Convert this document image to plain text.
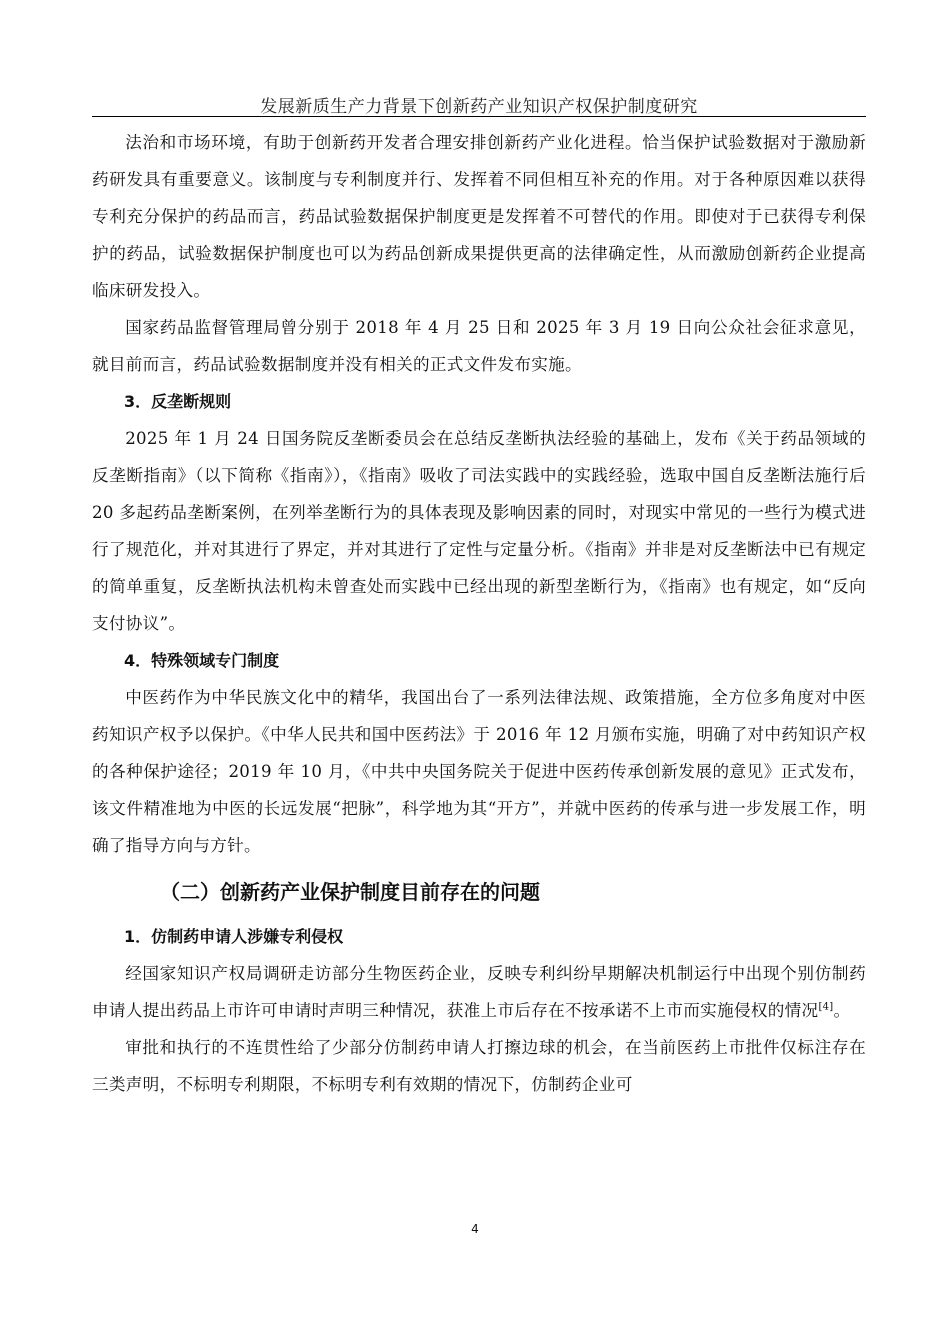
发展新质生产力背景下创新药产业知识产权保护制度研究

法治和市场环境，有助于创新药开发者合理安排创新药产业化进程。恰当保护试验数据对于激励新药研发具有重要意义。该制度与专利制度并行、发挥着不同但相互补充的作用。对于各种原因难以获得专利充分保护的药品而言，药品试验数据保护制度更是发挥着不可替代的作用。即使对于已获得专利保护的药品，试验数据保护制度也可以为药品创新成果提供更高的法律确定性，从而激励创新药企业提高临床研发投入。

国家药品监督管理局曾分别于 2018 年 4 月 25 日和 2025 年 3 月 19 日向公众社会征求意见，就目前而言，药品试验数据制度并没有相关的正式文件发布实施。

3．反垄断规则

2025 年 1 月 24 日国务院反垄断委员会在总结反垄断执法经验的基础上，发布《关于药品领域的反垄断指南》（以下简称《指南》），《指南》吸收了司法实践中的实践经验，选取中国自反垄断法施行后 20 多起药品垄断案例，在列举垄断行为的具体表现及影响因素的同时，对现实中常见的一些行为模式进行了规范化，并对其进行了界定，并对其进行了定性与定量分析。《指南》并非是对反垄断法中已有规定的简单重复，反垄断执法机构未曾查处而实践中已经出现的新型垄断行为，《指南》也有规定，如“反向支付协议”。

4．特殊领域专门制度

中医药作为中华民族文化中的精华，我国出台了一系列法律法规、政策措施，全方位多角度对中医药知识产权予以保护。《中华人民共和国中医药法》于 2016 年 12 月颁布实施，明确了对中药知识产权的各种保护途径；2019 年 10 月，《中共中央国务院关于促进中医药传承创新发展的意见》正式发布，该文件精准地为中医的长远发展“把脉”，科学地为其“开方”，并就中医药的传承与进一步发展工作，明确了指导方向与方针。

（二）创新药产业保护制度目前存在的问题
1．仿制药申请人涉嫌专利侵权

经国家知识产权局调研走访部分生物医药企业，反映专利纠纷早期解决机制运行中出现个别仿制药申请人提出药品上市许可申请时声明三种情况，获准上市后存在不按承诺不上市而实施侵权的情况[4]。

审批和执行的不连贯性给了少部分仿制药申请人打擦边球的机会，在当前医药上市批件仅标注存在三类声明，不标明专利期限，不标明专利有效期的情况下，仿制药企业可

4
